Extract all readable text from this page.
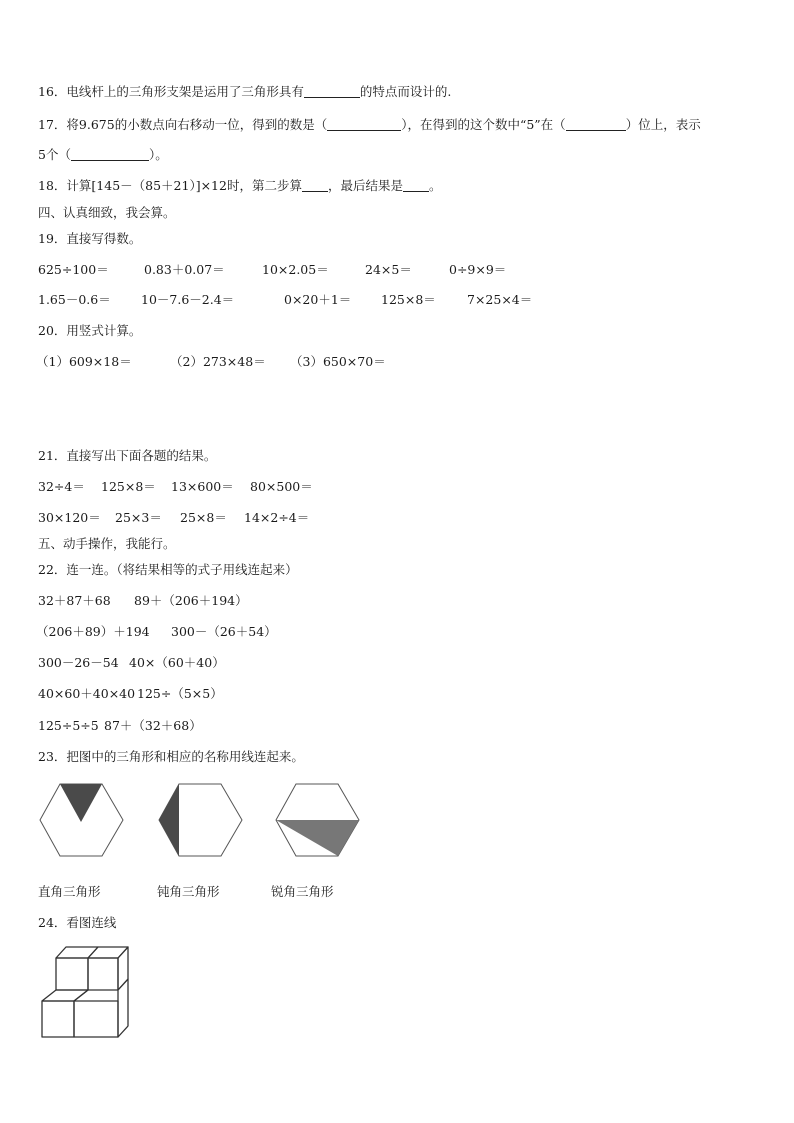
16．电线杆上的三角形支架是运用了三角形具有	的特点而设计的.
17．将9.675的小数点向右移动一位，得到的数是（	），在得到的这个数中“5”在（	）位上，表示
5个（	）。
18．计算[145－（85＋21）]×12时，第二步算 ，最后结果是 。
四、认真细致，我会算。
19．直接写得数。
625÷100＝	0.83＋0.07＝	10×2.05＝	24×5＝	0÷9×9＝
1.65－0.6＝ 10－7.6－2.4＝	0×20＋1＝ 125×8＝ 7×25×4＝
20．用竖式计算。
（1）609×18＝	（2）273×48＝ （3）650×70＝
21．直接写出下面各题的结果。
32÷4＝ 125×8＝ 13×600＝ 80×500＝
30×120＝ 25×3＝ 25×8＝ 14×2÷4＝
五、动手操作，我能行。
22．连一连。（将结果相等的式子用线连起来）
32＋87＋68 89＋（206＋194）
（206＋89）＋194 300－（26＋54）
300－26－54 40×（60＋40）
40×60＋40×40 125÷（5×5）
125÷5÷5 87＋（32＋68）
23．把图中的三角形和相应的名称用线连起来。
直角三角形	钝角三角形	锐角三角形
24．看图连线
